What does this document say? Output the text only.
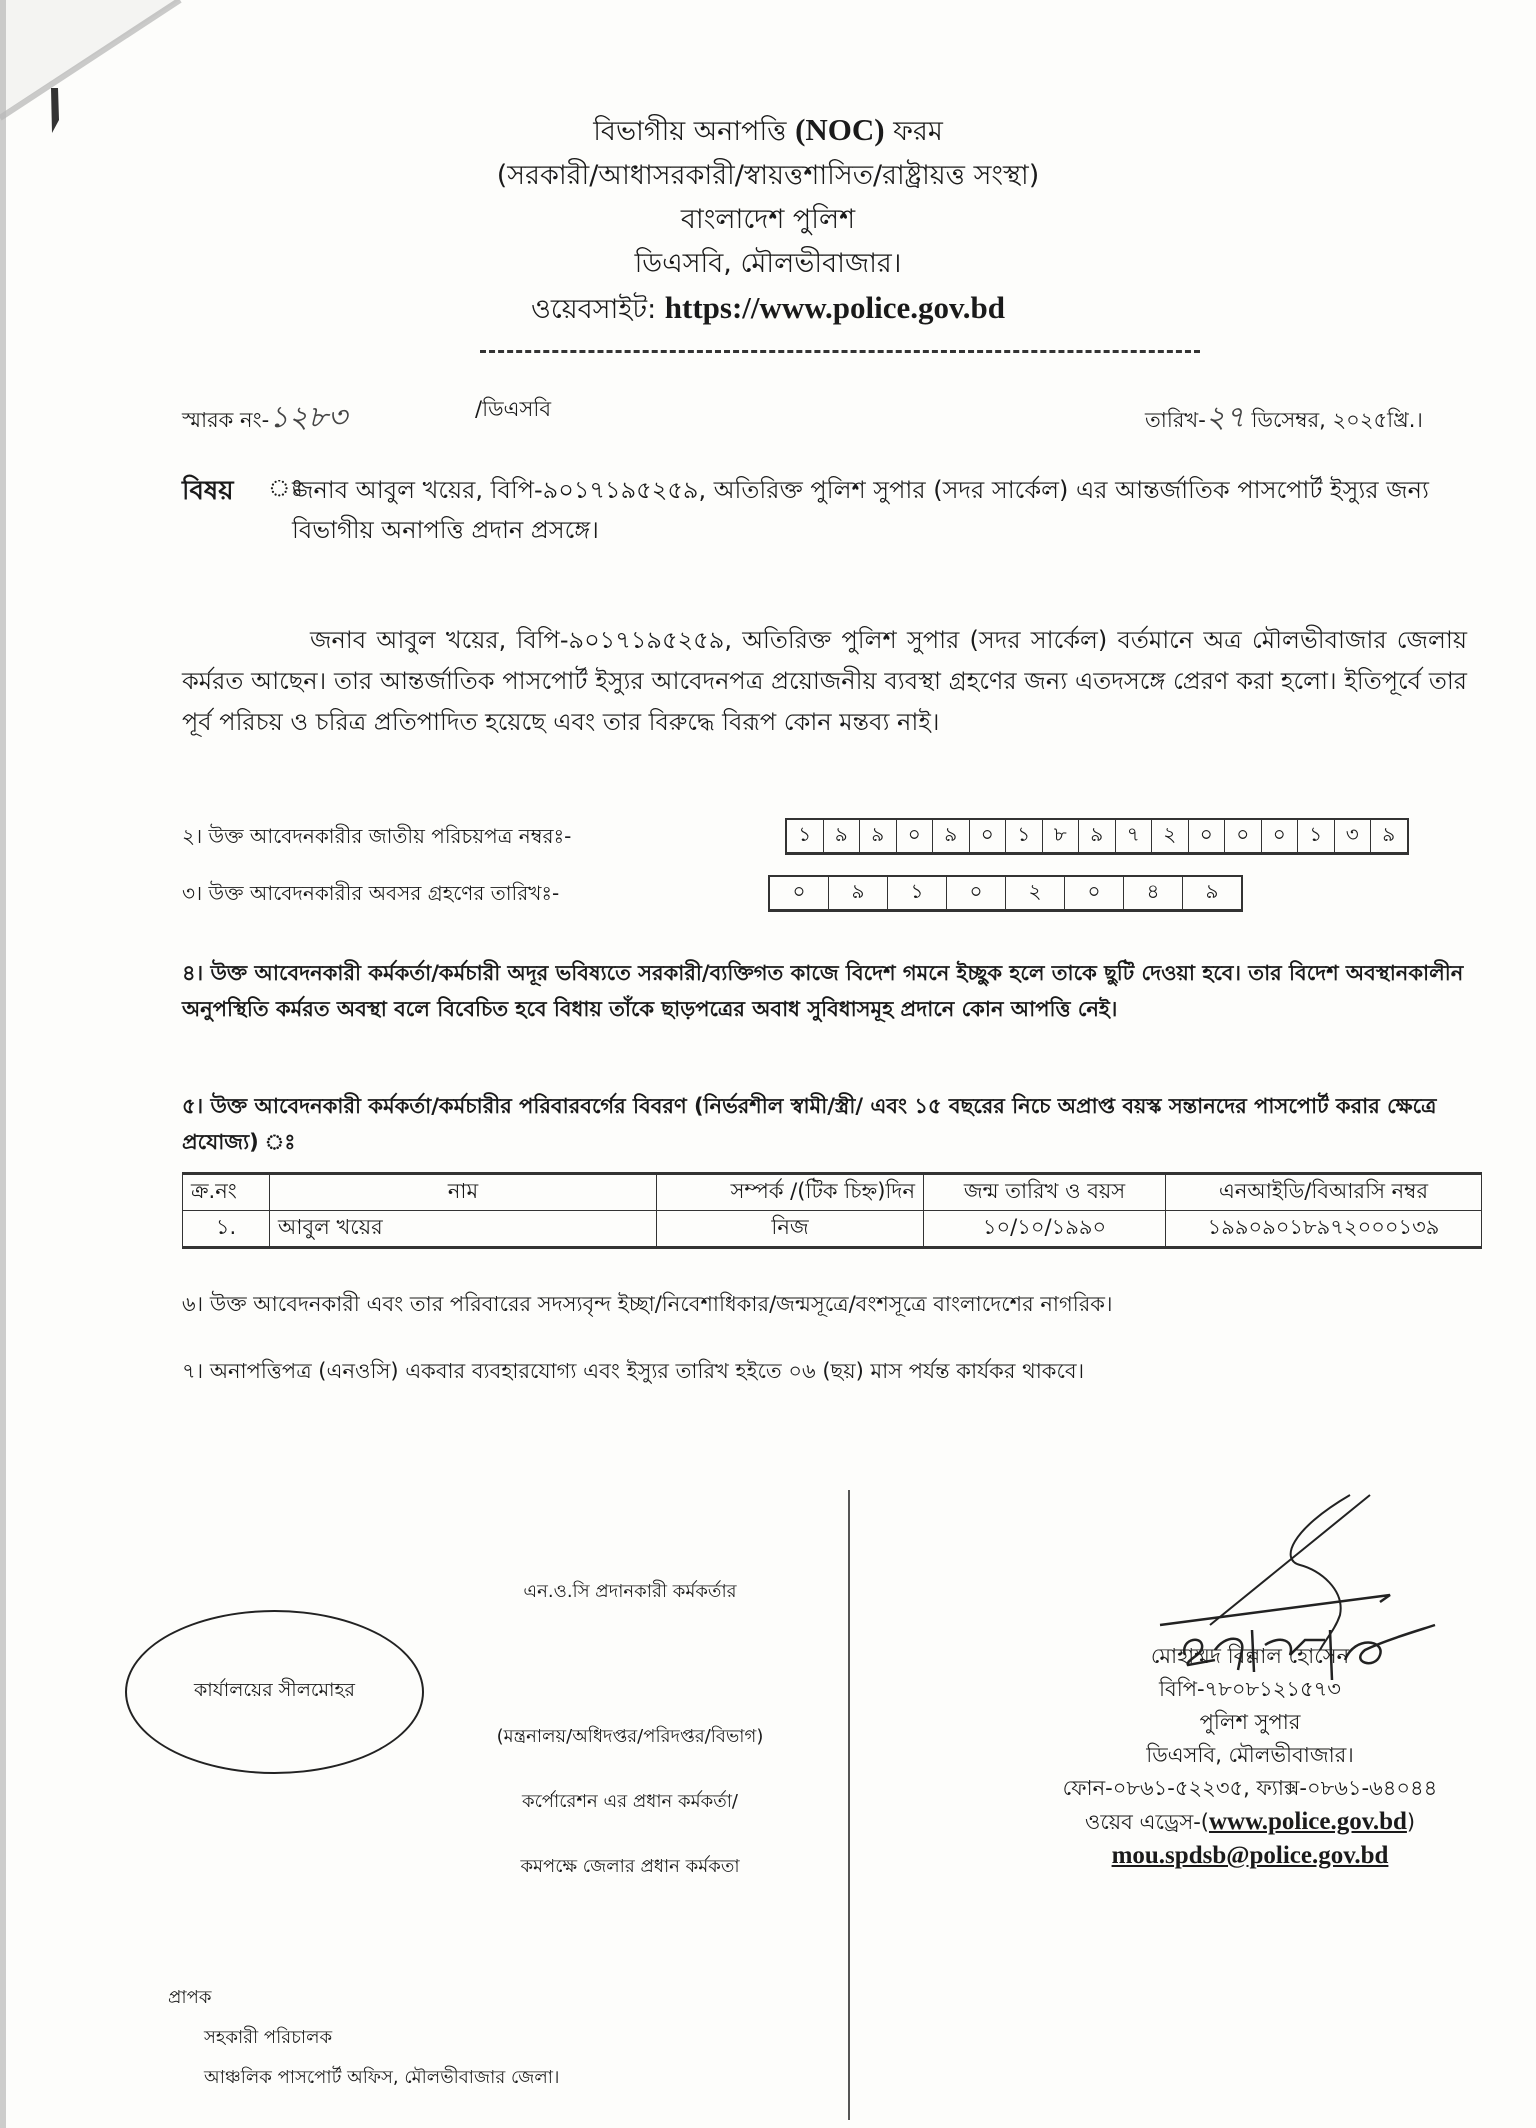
বিভাগীয় অনাপত্তি (NOC) ফরম
(সরকারী/আধাসরকারী/স্বায়ত্তশাসিত/রাষ্ট্রায়ত্ত সংস্থা)
বাংলাদেশ পুলিশ
ডিএসবি, মৌলভীবাজার।
ওয়েবসাইট: https://www.police.gov.bd
স্মারক নং-১২৮৩	/ডিএসবি	তারিখ-২৭ ডিসেম্বর, ২০২৫খ্রি.।
বিষয় ঃ
জনাব আবুল খয়ের, বিপি-৯০১৭১৯৫২৫৯, অতিরিক্ত পুলিশ সুপার (সদর সার্কেল) এর আন্তর্জাতিক পাসপোর্ট ইস্যুর জন্য বিভাগীয় অনাপত্তি প্রদান প্রসঙ্গে।
জনাব আবুল খয়ের, বিপি-৯০১৭১৯৫২৫৯, অতিরিক্ত পুলিশ সুপার (সদর সার্কেল) বর্তমানে অত্র মৌলভীবাজার জেলায় কর্মরত আছেন। তার আন্তর্জাতিক পাসপোর্ট ইস্যুর আবেদনপত্র প্রয়োজনীয় ব্যবস্থা গ্রহণের জন্য এতদসঙ্গে প্রেরণ করা হলো। ইতিপূর্বে তার পূর্ব পরিচয় ও চরিত্র প্রতিপাদিত হয়েছে এবং তার বিরুদ্ধে বিরূপ কোন মন্তব্য নাই।
২। উক্ত আবেদনকারীর জাতীয় পরিচয়পত্র নম্বরঃ-	১	৯	৯	০	৯	০	১	৮	৯	৭	২	০	০	০	১	৩	৯
৩। উক্ত আবেদনকারীর অবসর গ্রহণের তারিখঃ-	০	৯	১	০	২	০	৪	৯
৪। উক্ত আবেদনকারী কর্মকর্তা/কর্মচারী অদূর ভবিষ্যতে সরকারী/ব্যক্তিগত কাজে বিদেশ গমনে ইচ্ছুক হলে তাকে ছুটি দেওয়া হবে। তার বিদেশ অবস্থানকালীন অনুপস্থিতি কর্মরত অবস্থা বলে বিবেচিত হবে বিধায় তাঁকে ছাড়পত্রের অবাধ সুবিধাসমূহ প্রদানে কোন আপত্তি নেই।
৫। উক্ত আবেদনকারী কর্মকর্তা/কর্মচারীর পরিবারবর্গের বিবরণ (নির্ভরশীল স্বামী/স্ত্রী/ এবং ১৫ বছরের নিচে অপ্রাপ্ত বয়স্ক সন্তানদের পাসপোর্ট করার ক্ষেত্রে প্রযোজ্য) ঃ
ক্র.নং	নাম	সম্পর্ক /(টিক চিহ্ন)দিন	জন্ম তারিখ ও বয়স	এনআইডি/বিআরসি নম্বর
১.	আবুল খয়ের	নিজ	১০/১০/১৯৯০	১৯৯০৯০১৮৯৭২০০০১৩৯
৬। উক্ত আবেদনকারী এবং তার পরিবারের সদস্যবৃন্দ ইচ্ছা/নিবেশাধিকার/জন্মসূত্রে/বংশসূত্রে বাংলাদেশের নাগরিক।
৭। অনাপত্তিপত্র (এনওসি) একবার ব্যবহারযোগ্য এবং ইস্যুর তারিখ হইতে ০৬ (ছয়) মাস পর্যন্ত কার্যকর থাকবে।
কার্যালয়ের সীলমোহর
এন.ও.সি প্রদানকারী কর্মকর্তার
(মন্ত্রনালয়/অধিদপ্তর/পরিদপ্তর/বিভাগ)
কর্পোরেশন এর প্রধান কর্মকর্তা/
কমপক্ষে জেলার প্রধান কর্মকতা
মোহাম্মদ বিল্লাল হোসেন
বিপি-৭৮০৮১২১৫৭৩
পুলিশ সুপার
ডিএসবি, মৌলভীবাজার।
ফোন-০৮৬১-৫২২৩৫, ফ্যাক্স-০৮৬১-৬৪০৪৪
ওয়েব এড্রেস-(www.police.gov.bd)
mou.spdsb@police.gov.bd
প্রাপক
সহকারী পরিচালক
আঞ্চলিক পাসপোর্ট অফিস, মৌলভীবাজার জেলা।
